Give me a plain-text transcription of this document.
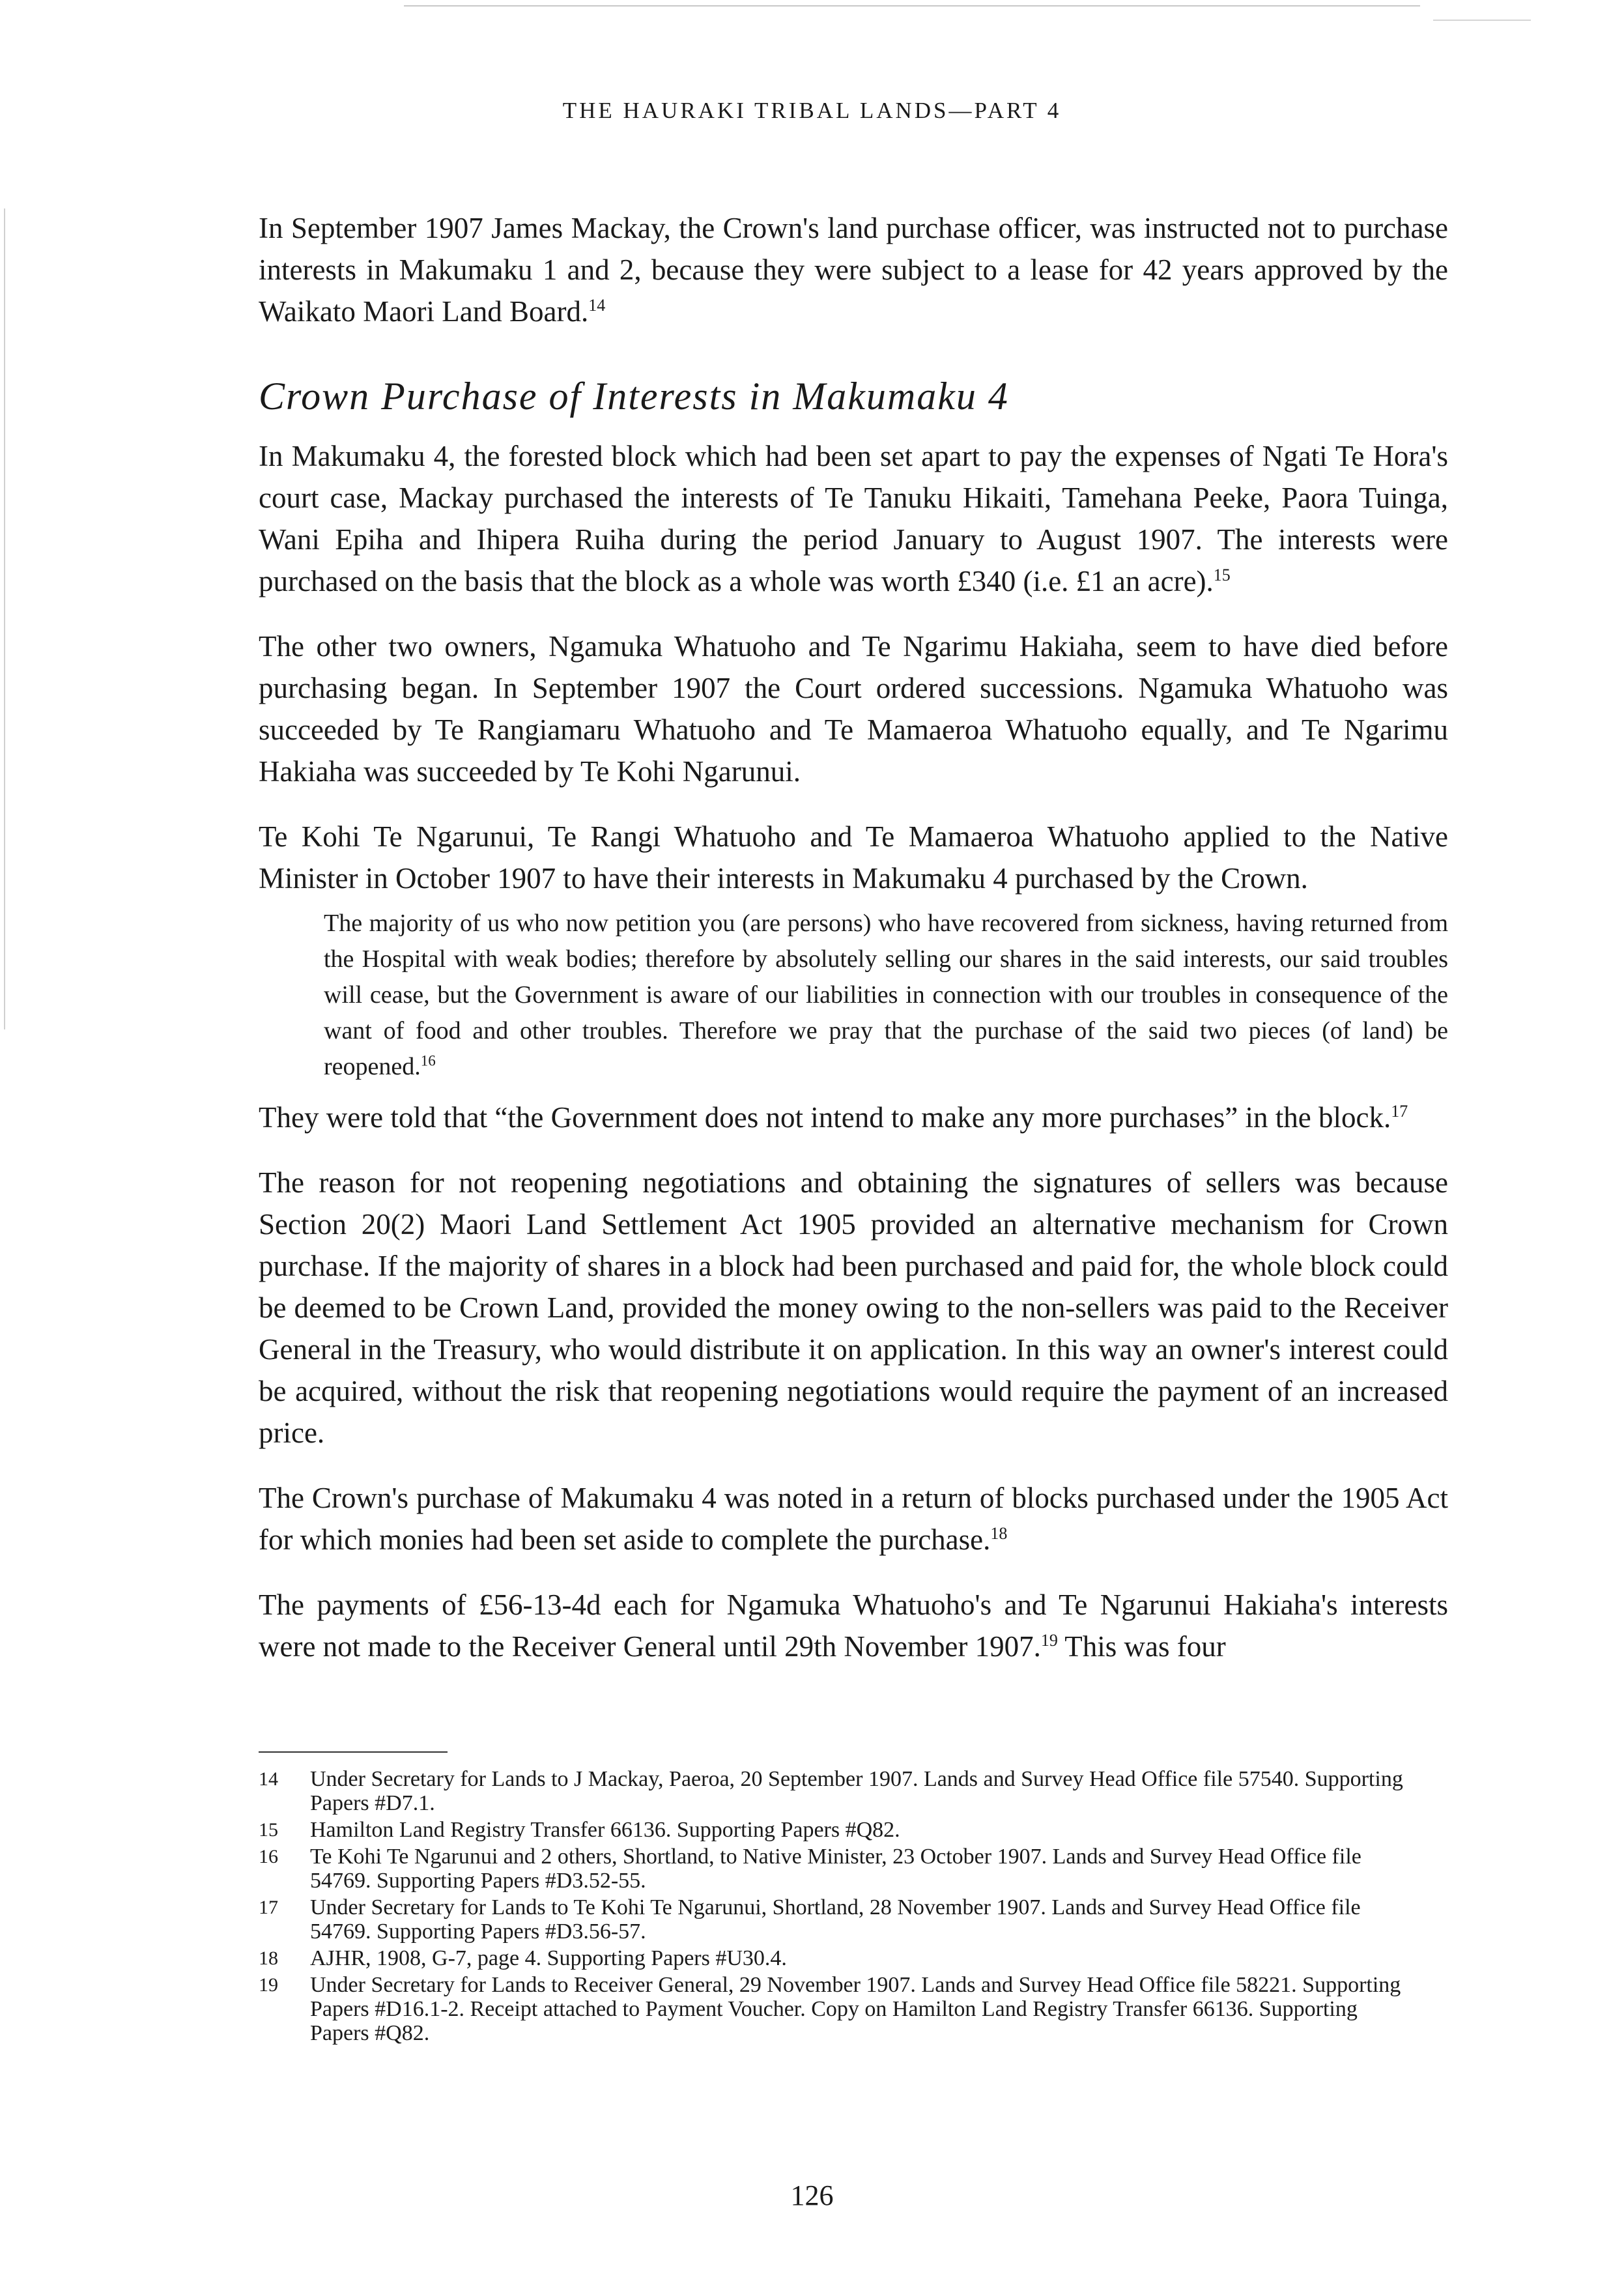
THE HAURAKI TRIBAL LANDS—PART 4

In September 1907 James Mackay, the Crown's land purchase officer, was instructed not to purchase interests in Makumaku 1 and 2, because they were subject to a lease for 42 years approved by the Waikato Maori Land Board.$^{14}$

Crown Purchase of Interests in Makumaku 4

In Makumaku 4, the forested block which had been set apart to pay the expenses of Ngati Te Hora's court case, Mackay purchased the interests of Te Tanuku Hikaiti, Tamehana Peeke, Paora Tuinga, Wani Epiha and Ihipera Ruiha during the period January to August 1907. The interests were purchased on the basis that the block as a whole was worth £340 (i.e. £1 an acre).$^{15}$

The other two owners, Ngamuka Whatuoho and Te Ngarimu Hakiaha, seem to have died before purchasing began. In September 1907 the Court ordered successions. Ngamuka Whatuoho was succeeded by Te Rangiamaru Whatuoho and Te Mamaeroa Whatuoho equally, and Te Ngarimu Hakiaha was succeeded by Te Kohi Ngarunui.

Te Kohi Te Ngarunui, Te Rangi Whatuoho and Te Mamaeroa Whatuoho applied to the Native Minister in October 1907 to have their interests in Makumaku 4 purchased by the Crown.

The majority of us who now petition you (are persons) who have recovered from sickness, having returned from the Hospital with weak bodies; therefore by absolutely selling our shares in the said interests, our said troubles will cease, but the Government is aware of our liabilities in connection with our troubles in consequence of the want of food and other troubles. Therefore we pray that the purchase of the said two pieces (of land) be reopened.$^{16}$

They were told that “the Government does not intend to make any more purchases” in the block.$^{17}$

The reason for not reopening negotiations and obtaining the signatures of sellers was because Section 20(2) Maori Land Settlement Act 1905 provided an alternative mechanism for Crown purchase. If the majority of shares in a block had been purchased and paid for, the whole block could be deemed to be Crown Land, provided the money owing to the non-sellers was paid to the Receiver General in the Treasury, who would distribute it on application. In this way an owner's interest could be acquired, without the risk that reopening negotiations would require the payment of an increased price.

The Crown's purchase of Makumaku 4 was noted in a return of blocks purchased under the 1905 Act for which monies had been set aside to complete the purchase.$^{18}$

The payments of £56-13-4d each for Ngamuka Whatuoho's and Te Ngarunui Hakiaha's interests were not made to the Receiver General until 29th November 1907.19 This was four

14	Under Secretary for Lands to J Mackay, Paeroa, 20 September 1907. Lands and Survey Head Office file 57540. Supporting Papers #D7.1.
15	Hamilton Land Registry Transfer 66136. Supporting Papers #Q82.
16	Te Kohi Te Ngarunui and 2 others, Shortland, to Native Minister, 23 October 1907. Lands and Survey Head Office file 54769. Supporting Papers #D3.52-55.
17	Under Secretary for Lands to Te Kohi Te Ngarunui, Shortland, 28 November 1907. Lands and Survey Head Office file 54769. Supporting Papers #D3.56-57.
18	AJHR, 1908, G-7, page 4. Supporting Papers #U30.4.
19	Under Secretary for Lands to Receiver General, 29 November 1907. Lands and Survey Head Office file 58221. Supporting Papers #D16.1-2. Receipt attached to Payment Voucher. Copy on Hamilton Land Registry Transfer 66136. Supporting Papers #Q82.
126
